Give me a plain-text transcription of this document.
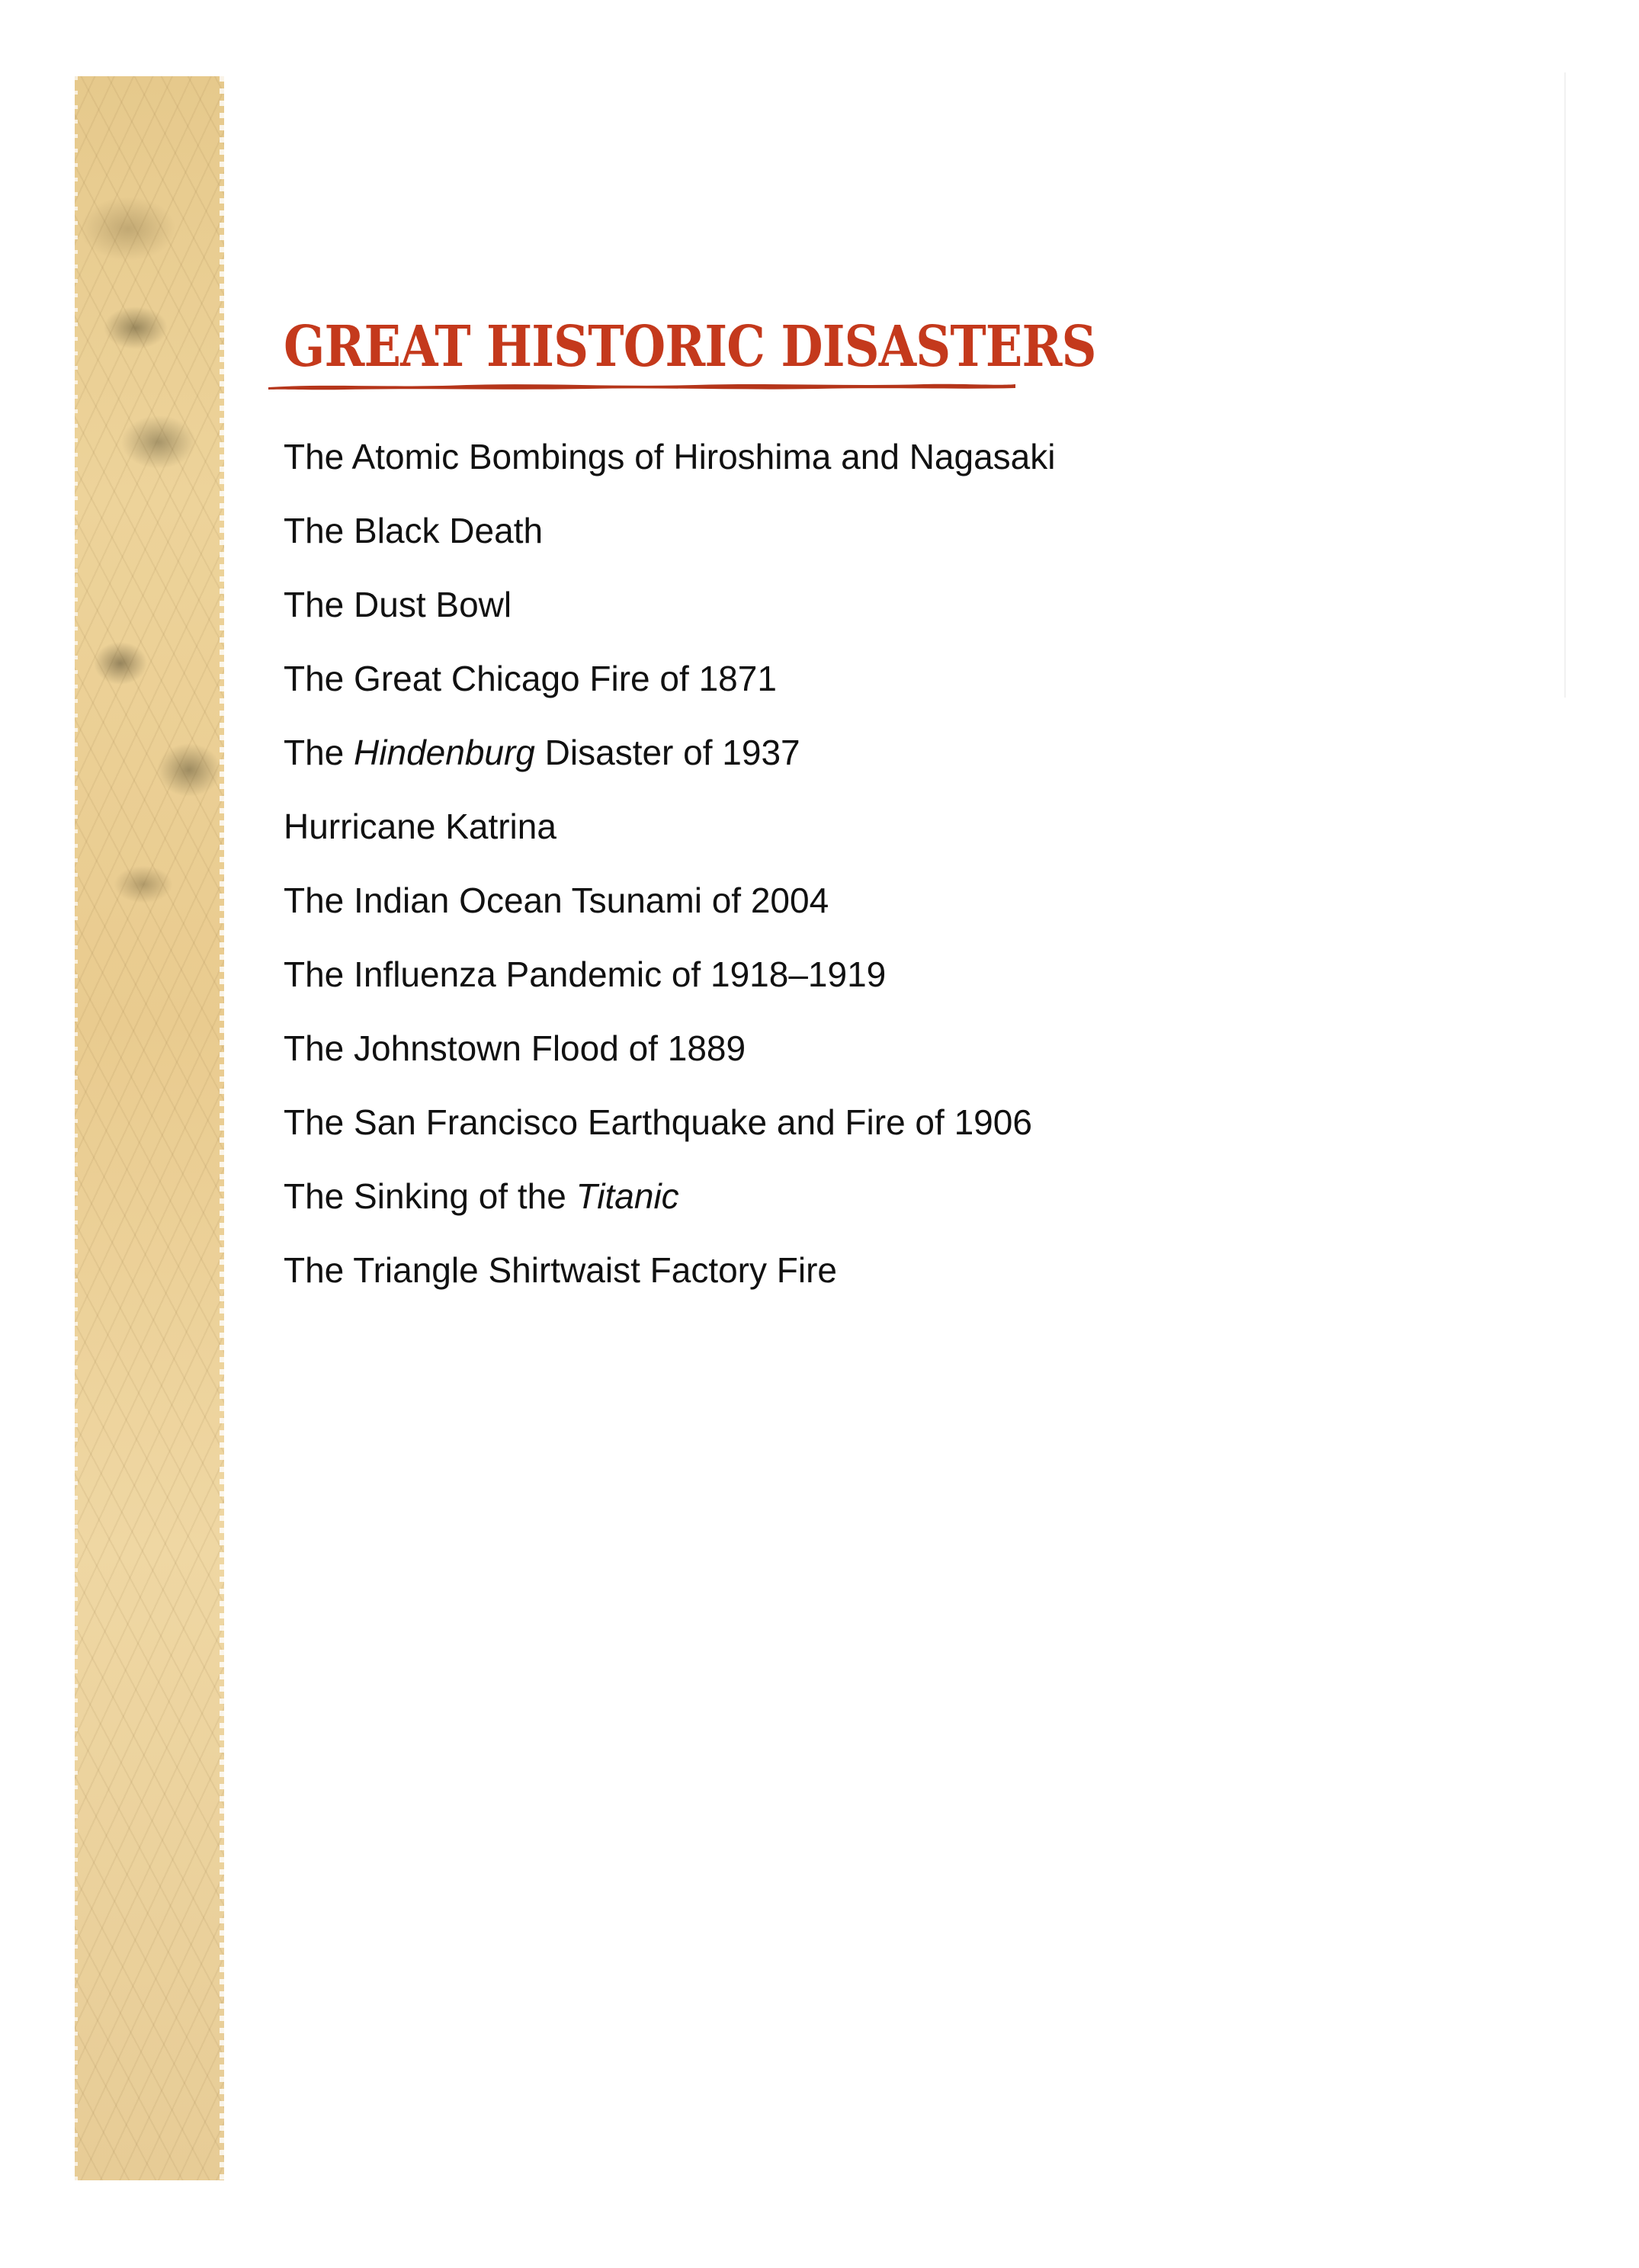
GREAT HISTORIC DISASTERS
The Atomic Bombings of Hiroshima and Nagasaki
The Black Death
The Dust Bowl
The Great Chicago Fire of 1871
The Hindenburg Disaster of 1937
Hurricane Katrina
The Indian Ocean Tsunami of 2004
The Influenza Pandemic of 1918–1919
The Johnstown Flood of 1889
The San Francisco Earthquake and Fire of 1906
The Sinking of the Titanic
The Triangle Shirtwaist Factory Fire
